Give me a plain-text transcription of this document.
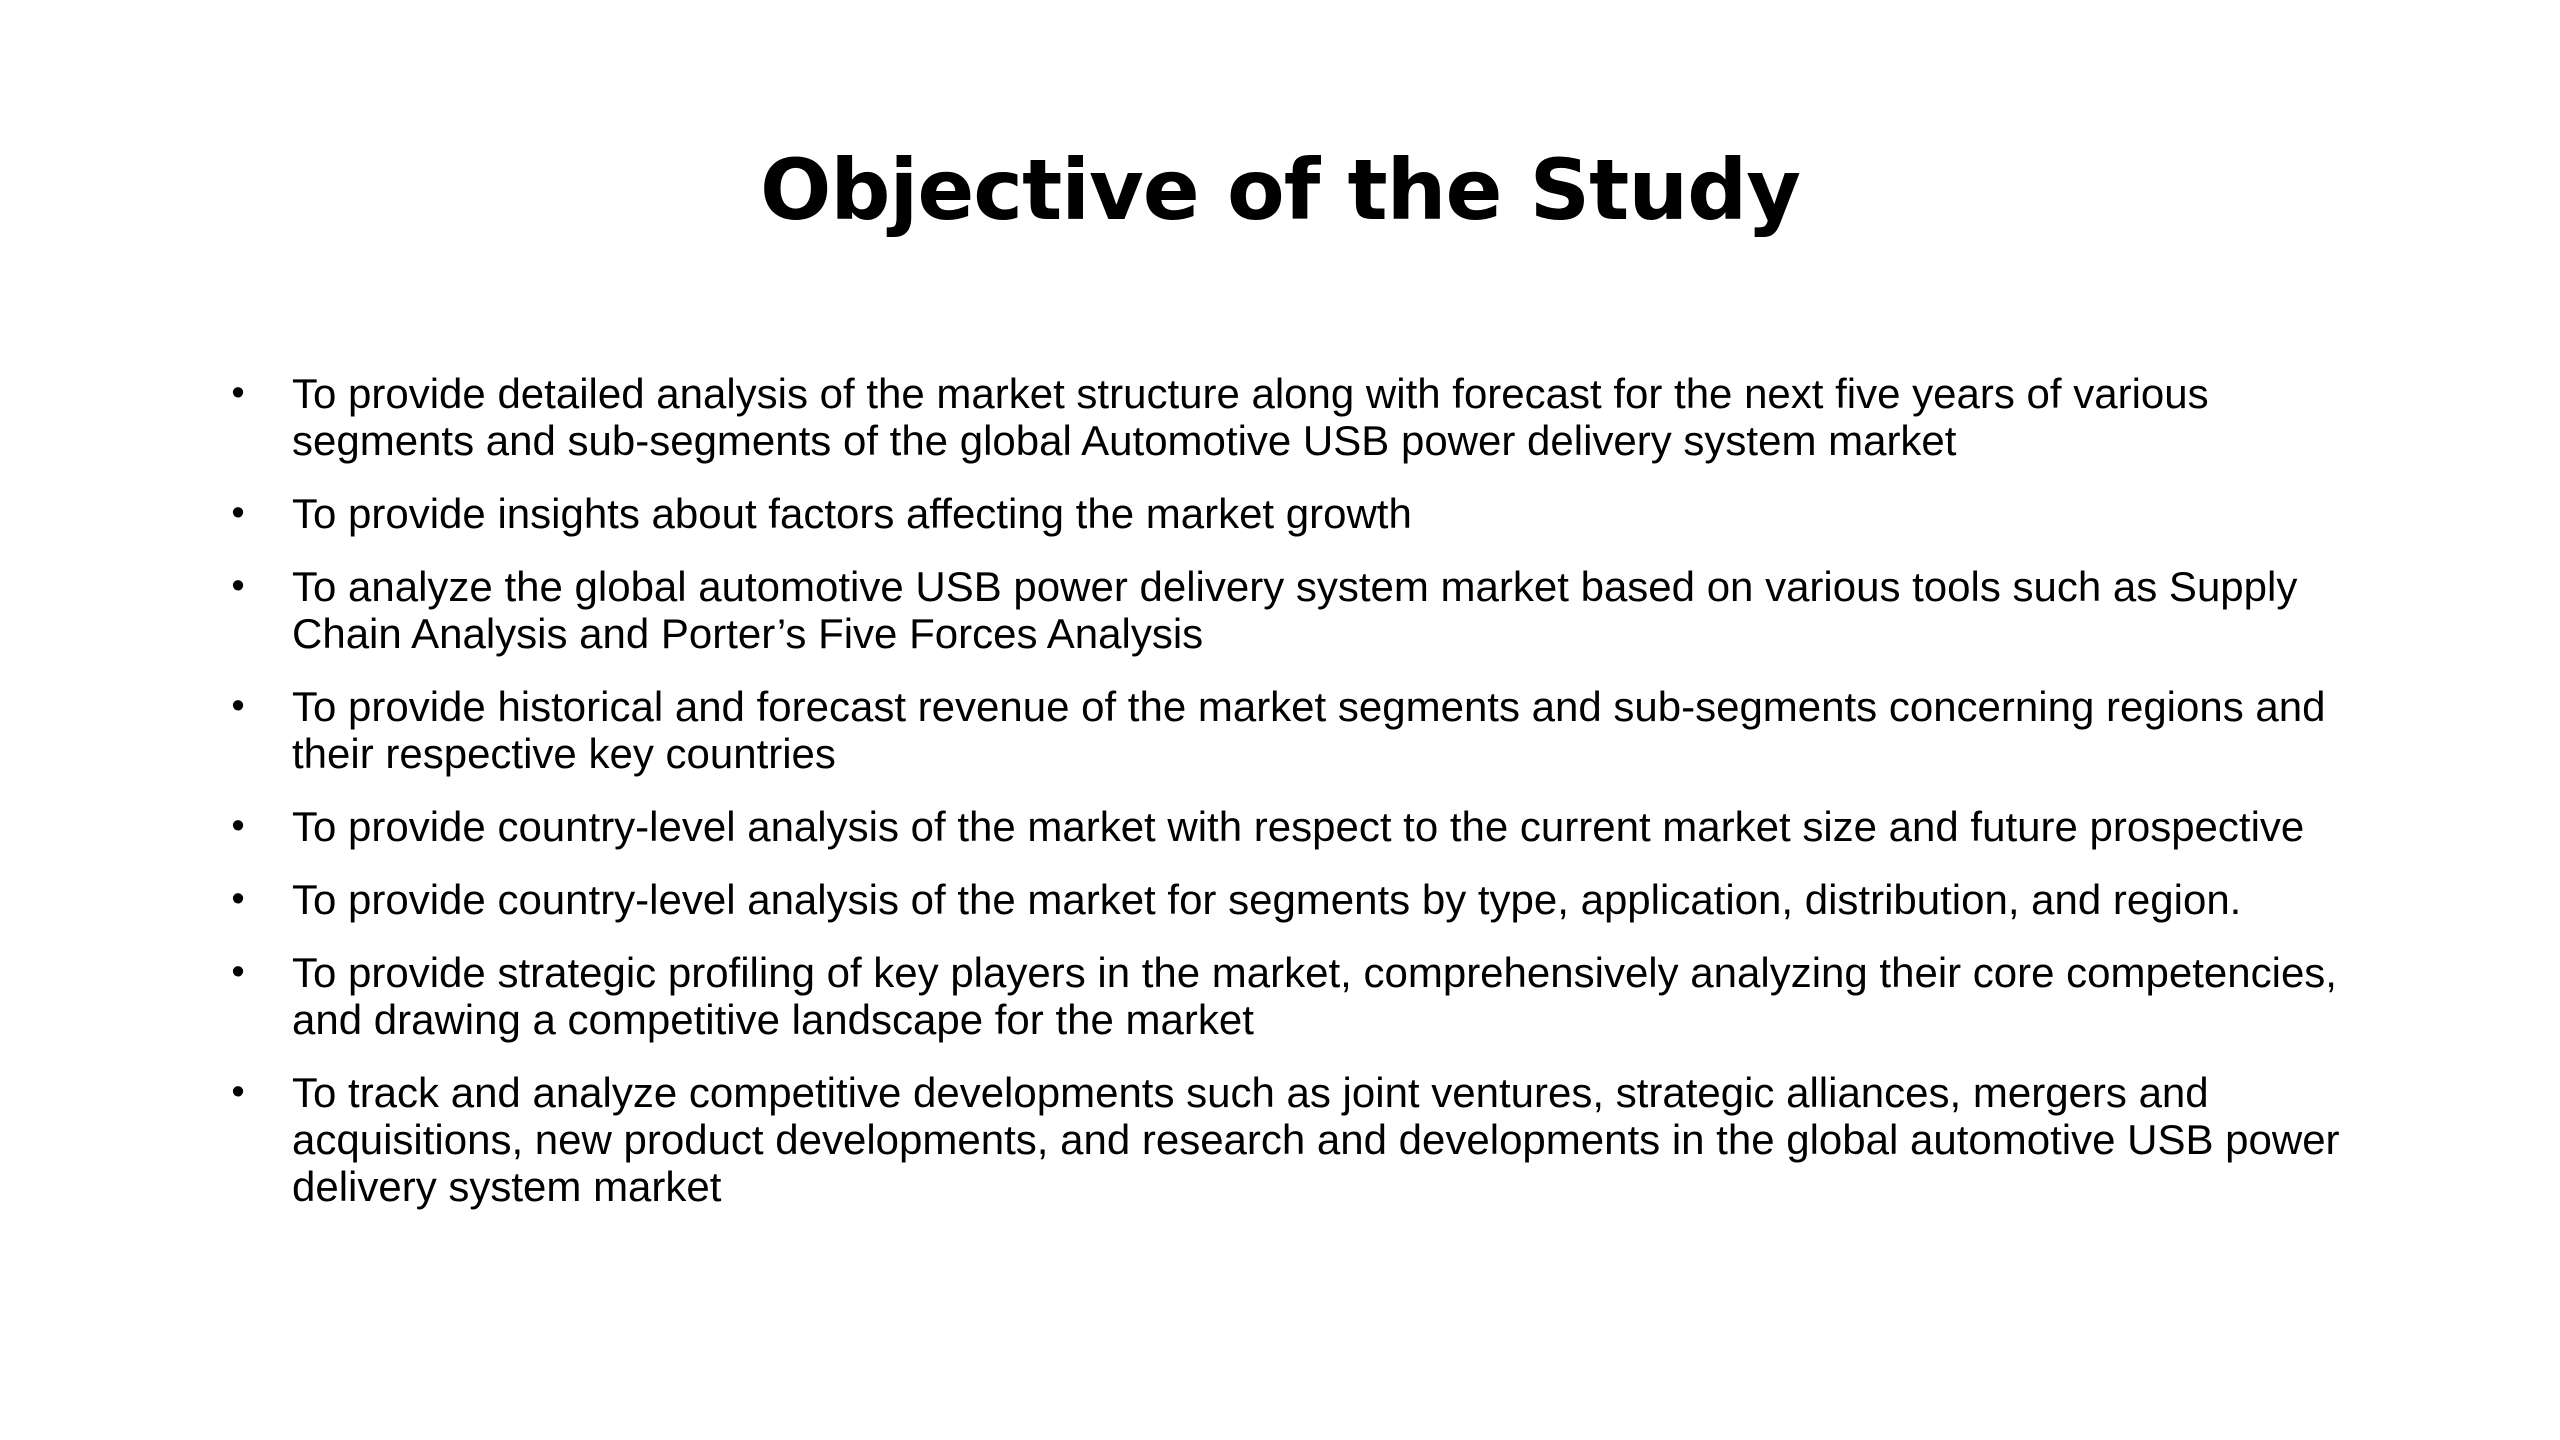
Objective of the Study
• To provide detailed analysis of the market structure along with forecast for the next five years of various segments and sub-segments of the global Automotive USB power delivery system market
• To provide insights about factors affecting the market growth
• To analyze the global automotive USB power delivery system market based on various tools such as Supply Chain Analysis and Porter’s Five Forces Analysis
• To provide historical and forecast revenue of the market segments and sub-segments concerning regions and their respective key countries
• To provide country-level analysis of the market with respect to the current market size and future prospective
• To provide country-level analysis of the market for segments by type, application, distribution, and region.
• To provide strategic profiling of key players in the market, comprehensively analyzing their core competencies, and drawing a competitive landscape for the market
• To track and analyze competitive developments such as joint ventures, strategic alliances, mergers and acquisitions, new product developments, and research and developments in the global automotive USB power delivery system market
